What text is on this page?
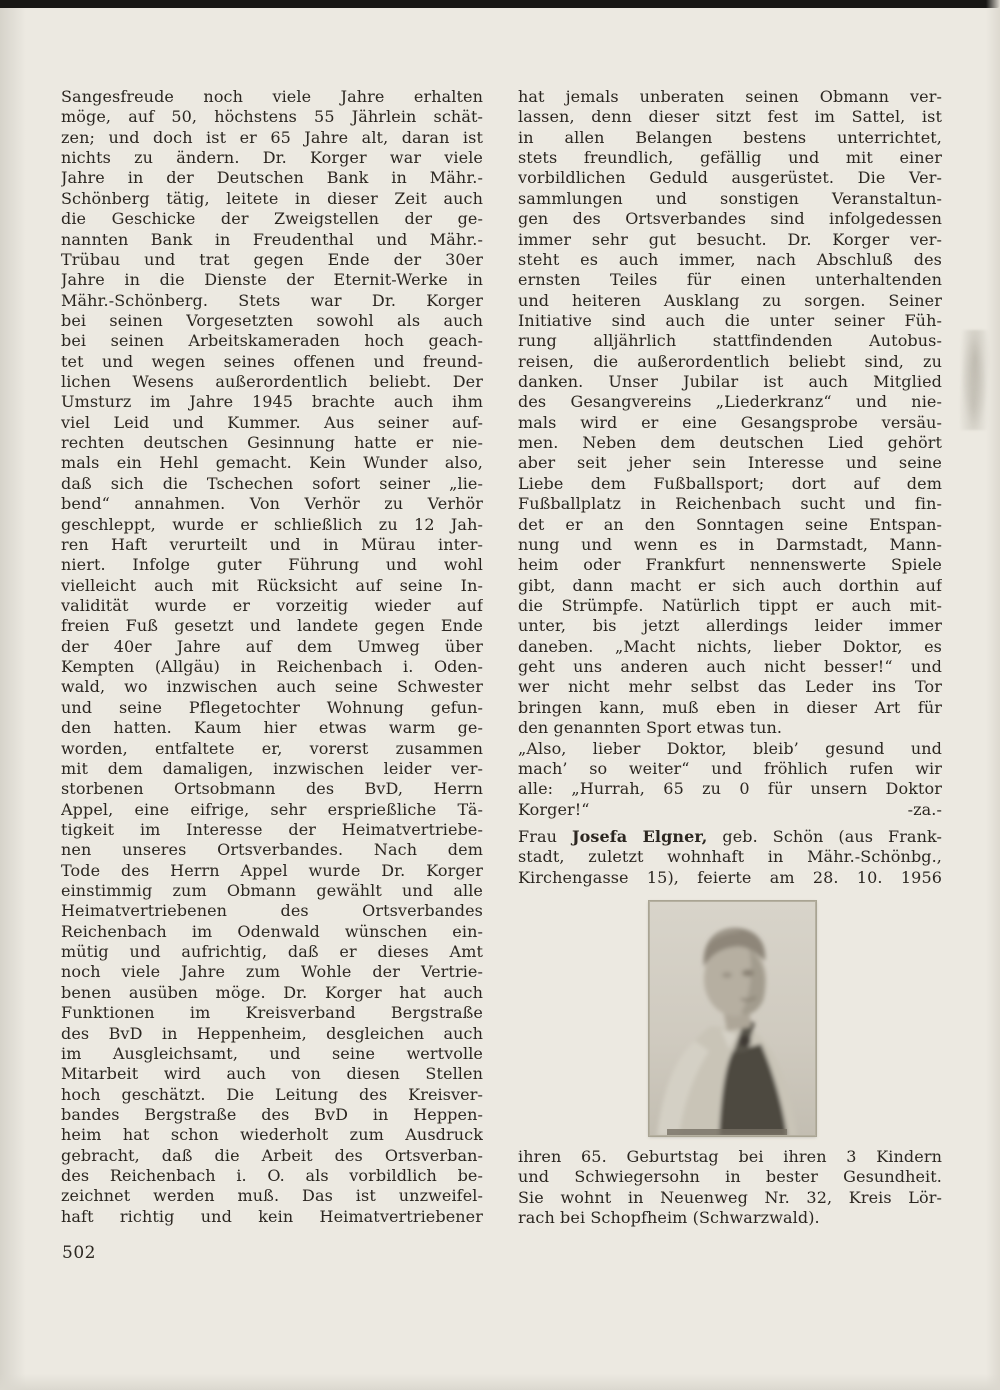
Sangesfreude noch viele Jahre erhalten
möge, auf 50, höchstens 55 Jährlein schät-
zen; und doch ist er 65 Jahre alt, daran ist
nichts zu ändern. Dr. Korger war viele
Jahre in der Deutschen Bank in Mähr.-
Schönberg tätig, leitete in dieser Zeit auch
die Geschicke der Zweigstellen der ge-
nannten Bank in Freudenthal und Mähr.-
Trübau und trat gegen Ende der 30er
Jahre in die Dienste der Eternit-Werke in
Mähr.-Schönberg. Stets war Dr. Korger
bei seinen Vorgesetzten sowohl als auch
bei seinen Arbeitskameraden hoch geach-
tet und wegen seines offenen und freund-
lichen Wesens außerordentlich beliebt. Der
Umsturz im Jahre 1945 brachte auch ihm
viel Leid und Kummer. Aus seiner auf-
rechten deutschen Gesinnung hatte er nie-
mals ein Hehl gemacht. Kein Wunder also,
daß sich die Tschechen sofort seiner „lie-
bend“ annahmen. Von Verhör zu Verhör
geschleppt, wurde er schließlich zu 12 Jah-
ren Haft verurteilt und in Mürau inter-
niert. Infolge guter Führung und wohl
vielleicht auch mit Rücksicht auf seine In-
validität wurde er vorzeitig wieder auf
freien Fuß gesetzt und landete gegen Ende
der 40er Jahre auf dem Umweg über
Kempten (Allgäu) in Reichenbach i. Oden-
wald, wo inzwischen auch seine Schwester
und seine Pflegetochter Wohnung gefun-
den hatten. Kaum hier etwas warm ge-
worden, entfaltete er, vorerst zusammen
mit dem damaligen, inzwischen leider ver-
storbenen Ortsobmann des BvD, Herrn
Appel, eine eifrige, sehr ersprießliche Tä-
tigkeit im Interesse der Heimatvertriebe-
nen unseres Ortsverbandes. Nach dem
Tode des Herrn Appel wurde Dr. Korger
einstimmig zum Obmann gewählt und alle
Heimatvertriebenen des Ortsverbandes
Reichenbach im Odenwald wünschen ein-
mütig und aufrichtig, daß er dieses Amt
noch viele Jahre zum Wohle der Vertrie-
benen ausüben möge. Dr. Korger hat auch
Funktionen im Kreisverband Bergstraße
des BvD in Heppenheim, desgleichen auch
im Ausgleichsamt, und seine wertvolle
Mitarbeit wird auch von diesen Stellen
hoch geschätzt. Die Leitung des Kreisver-
bandes Bergstraße des BvD in Heppen-
heim hat schon wiederholt zum Ausdruck
gebracht, daß die Arbeit des Ortsverban-
des Reichenbach i. O. als vorbildlich be-
zeichnet werden muß. Das ist unzweifel-
haft richtig und kein Heimatvertriebener
hat jemals unberaten seinen Obmann ver-
lassen, denn dieser sitzt fest im Sattel, ist
in allen Belangen bestens unterrichtet,
stets freundlich, gefällig und mit einer
vorbildlichen Geduld ausgerüstet. Die Ver-
sammlungen und sonstigen Veranstaltun-
gen des Ortsverbandes sind infolgedessen
immer sehr gut besucht. Dr. Korger ver-
steht es auch immer, nach Abschluß des
ernsten Teiles für einen unterhaltenden
und heiteren Ausklang zu sorgen. Seiner
Initiative sind auch die unter seiner Füh-
rung alljährlich stattfindenden Autobus-
reisen, die außerordentlich beliebt sind, zu
danken. Unser Jubilar ist auch Mitglied
des Gesangvereins „Liederkranz“ und nie-
mals wird er eine Gesangsprobe versäu-
men. Neben dem deutschen Lied gehört
aber seit jeher sein Interesse und seine
Liebe dem Fußballsport; dort auf dem
Fußballplatz in Reichenbach sucht und fin-
det er an den Sonntagen seine Entspan-
nung und wenn es in Darmstadt, Mann-
heim oder Frankfurt nennenswerte Spiele
gibt, dann macht er sich auch dorthin auf
die Strümpfe. Natürlich tippt er auch mit-
unter, bis jetzt allerdings leider immer
daneben. „Macht nichts, lieber Doktor, es
geht uns anderen auch nicht besser!“ und
wer nicht mehr selbst das Leder ins Tor
bringen kann, muß eben in dieser Art für
den genannten Sport etwas tun.
„Also, lieber Doktor, bleib’ gesund und
mach’ so weiter“ und fröhlich rufen wir
alle: „Hurrah, 65 zu 0 für unsern Doktor
Korger!“	-za.-
Frau Josefa Elgner, geb. Schön (aus Frank-
stadt, zuletzt wohnhaft in Mähr.-Schönbg.,
Kirchengasse 15), feierte am 28. 10. 1956
ihren 65. Geburtstag bei ihren 3 Kindern
und Schwiegersohn in bester Gesundheit.
Sie wohnt in Neuenweg Nr. 32, Kreis Lör-
rach bei Schopfheim (Schwarzwald).
502
